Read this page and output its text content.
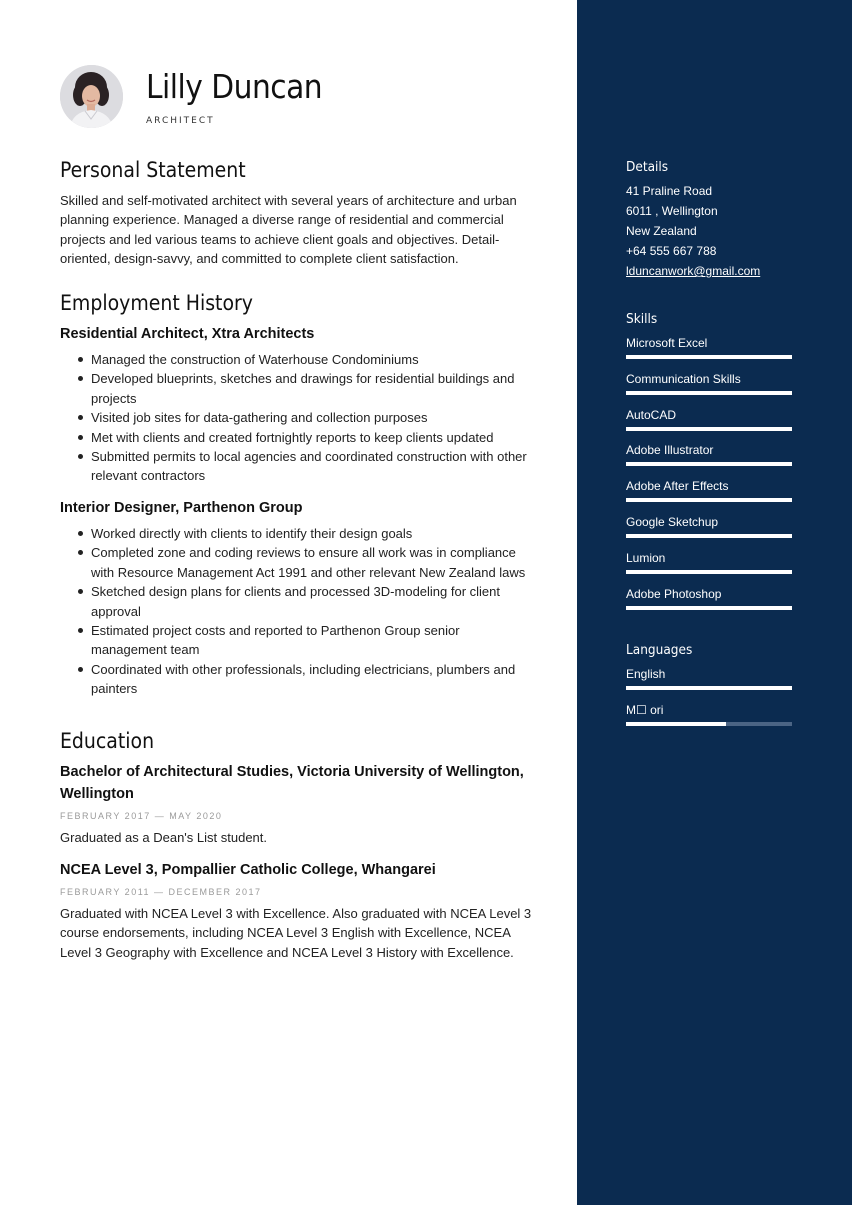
Lilly Duncan
ARCHITECT
Personal Statement
Skilled and self-motivated architect with several years of architecture and urban planning experience. Managed a diverse range of residential and commercial projects and led various teams to achieve client goals and objectives. Detail-oriented, design-savvy, and committed to complete client satisfaction.
Employment History
Residential Architect, Xtra Architects
Managed the construction of Waterhouse Condominiums
Developed blueprints, sketches and drawings for residential buildings and projects
Visited job sites for data-gathering and collection purposes
Met with clients and created fortnightly reports to keep clients updated
Submitted permits to local agencies and coordinated construction with other relevant contractors
Interior Designer, Parthenon Group
Worked directly with clients to identify their design goals
Completed zone and coding reviews to ensure all work was in compliance with Resource Management Act 1991 and other relevant New Zealand laws
Sketched design plans for clients and processed 3D-modeling for client approval
Estimated project costs and reported to Parthenon Group senior management team
Coordinated with other professionals, including electricians, plumbers and painters
Education
Bachelor of Architectural Studies, Victoria University of Wellington, Wellington
FEBRUARY 2017 — MAY 2020
Graduated as a Dean's List student.
NCEA Level 3, Pompallier Catholic College, Whangarei
FEBRUARY 2011 — DECEMBER 2017
Graduated with NCEA Level 3 with Excellence. Also graduated with NCEA Level 3 course endorsements, including NCEA Level 3 English with Excellence, NCEA Level 3 Geography with Excellence and NCEA Level 3 History with Excellence.
Details
41 Praline Road
6011 , Wellington
New Zealand
+64 555 667 788
lduncanwork@gmail.com
Skills
Microsoft Excel
Communication Skills
AutoCAD
Adobe Illustrator
Adobe After Effects
Google Sketchup
Lumion
Adobe Photoshop
Languages
English
M☐ ori
